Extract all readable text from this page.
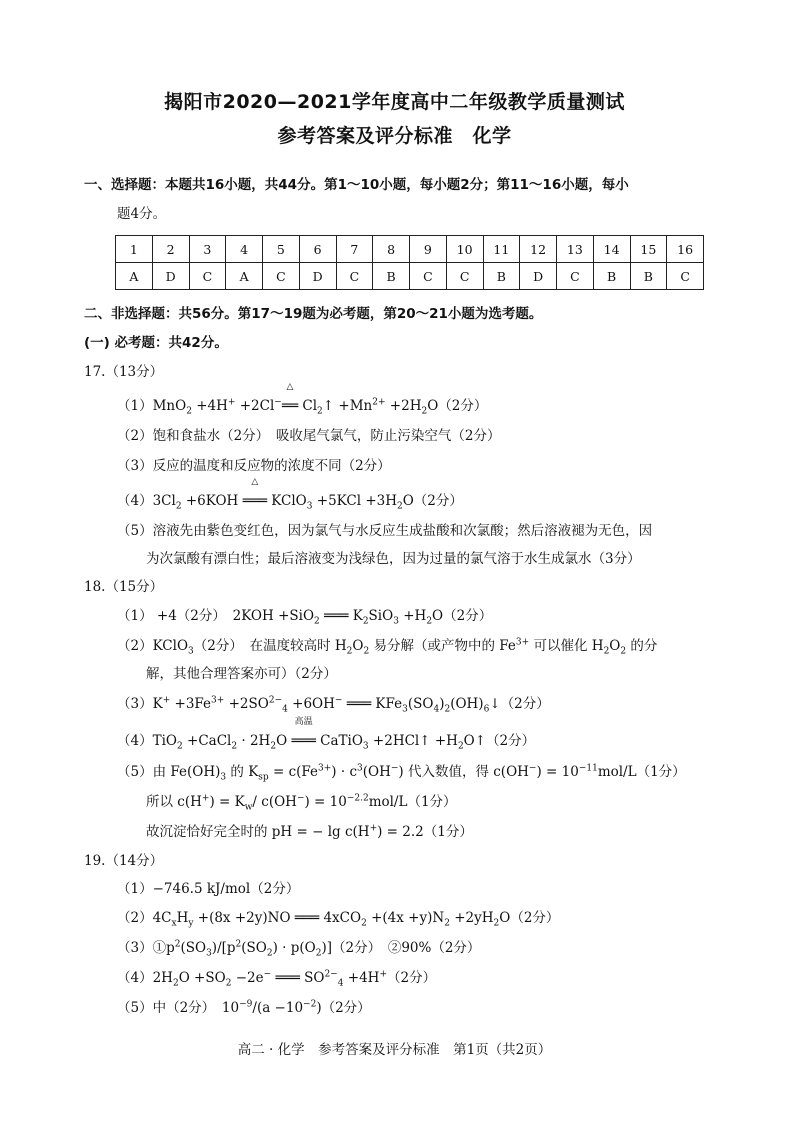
揭阳市2020—2021学年度高中二年级教学质量测试
参考答案及评分标准　化学
一、选择题：本题共16小题，共44分。第1～10小题，每小题2分；第11～16小题，每小
题4分。
1	2	3	4	5	6	7	8	9	10	11	12	13	14	15	16
A	D	C	A	C	D	C	B	C	C	B	D	C	B	B	C
二、非选择题：共56分。第17～19题为必考题，第20～21小题为选考题。
(一) 必考题：共42分。
17.（13分）
（1）MnO$_2$ +4H+ +2Cl−
△
══ $Cl_2↑ +Mn^{2+} +2H_2O(2$分）
（2）饱和食盐水（2分）　吸收尾气氯气，防止污染空气（2分）
（3）反应的温度和反应物的浓度不同（2分）
$(4)3Cl_2 +6KOH$
△
═══ KClO$_3$ $+5KCl +3H_2O(2$分）
（5）溶液先由紫色变红色，因为氯气与水反应生成盐酸和次氯酸；然后溶液褪为无色，因
为次氯酸有漂白性；最后溶液变为浅绿色，因为过量的氯气溶于水生成氯水（3分）
18.（15分）
（1） +4（2分）　2KOH +SiO$_2$ ═══ $K_2SiO_3 +H_2O(2$分）
（2）KClO$_3$（2分）　在温度较高时 $H_2O_2$ 易分解（或产物中的 $Fe^{3+}$ 可以催化 $H_2O_2$ 的分
解，其他合理答案亦可）（2分）
$(3)K^+ +3Fe^{3+} +2SO^{2-}_4 +6OH^-$ ═══ $KFe_3(SO_4)_2(OH)_6↓(2$分）
（4）TiO$_2$ +CaCl$_2$ · $2H_2O$
高温
═══ CaTiO$_3$ +2HCl↑ $+H_2O↑(2$分）
（5）由 $Fe(OH)_3$ 的 $K_{sp} = c(Fe^{3+}) \cdot c^3(OH^-)$ 代入数值，得 $c(OH^-) = 10^{-11}mol/L(1$分）
所以 $c(H^+) = K_w/$ $c(OH^-) = 10^{-2.2}mol/L(1$分）
故沉淀恰好完全时的 pH = − lg c(H+) = 2.2（1分）
19.（14分）
（1）−746.5 kJ/mol（2分）
$(2)4C_xH_y +(8x +2y)NO$ ═══ $4xCO_2 +(4x +y)N_2 +2yH_2O(2$分）
$(3)①p^2(SO_3)/[p^2(SO_2) \cdot p(O_2)](2$分）　②90%（2分）
$(4)2H_2O +SO_2 -2e^-$ ═══ $SO^{2-}_4 +4H^+(2$分）
（5）中（2分）　$10^{-9}/(a -10^{-2})(2$分）
高二 · 化学　参考答案及评分标准　第1页（共2页）
